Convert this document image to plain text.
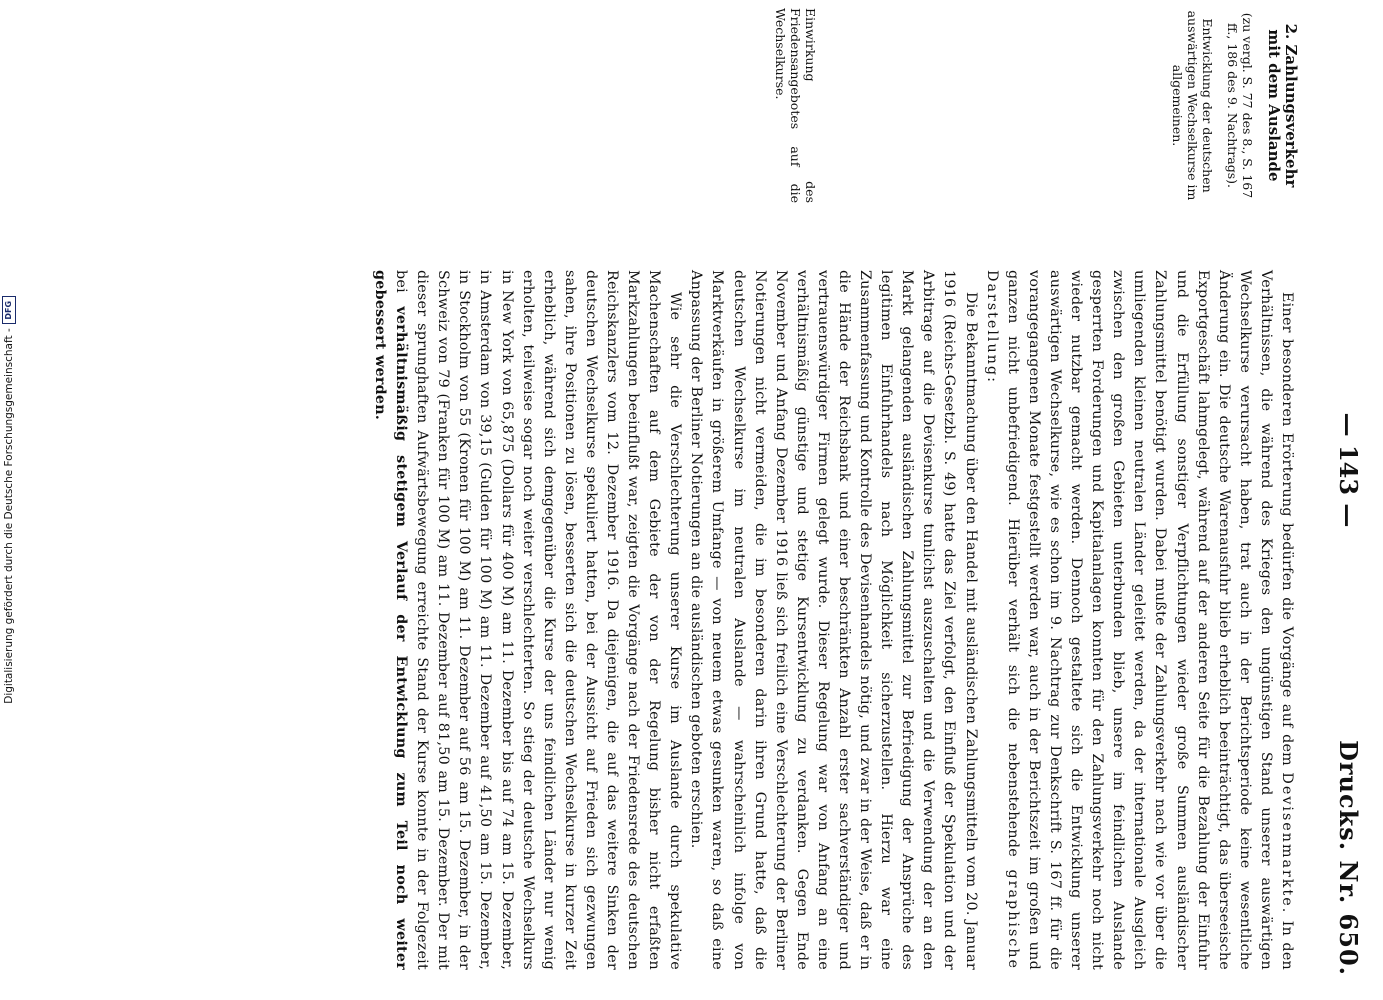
— 143 —
Drucks. Nr. 650.
2. Zahlungsverkehr mit dem Auslande
(zu vergl. S. 77 des 8., S. 167 ff., 186 des 9. Nachtrags).
Entwicklung der deutschen auswärtigen Wechselkurse im allgemeinen.
Einwirkung des Friedensangebotes auf die Wechselkurse.

Einer besonderen Erörterung bedürfen die Vorgänge auf dem Devisenmarkte. In den Verhältnissen, die während des Krieges den ungünstigen Stand unserer auswärtigen Wechselkurse verursacht haben, trat auch in der Berichtsperiode keine wesentliche Änderung ein. Die deutsche Warenausfuhr blieb erheblich beeinträchtigt, das überseeische Exportgeschäft lahmgelegt, während auf der anderen Seite für die Bezahlung der Einfuhr und die Erfüllung sonstiger Verpflichtungen wieder große Summen ausländischer Zahlungsmittel benötigt wurden. Dabei mußte der Zahlungsverkehr nach wie vor über die umliegenden kleinen neutralen Länder geleitet werden, da der internationale Ausgleich zwischen den großen Gebieten unterbunden blieb, unsere im feindlichen Auslande gesperrten Forderungen und Kapitalanlagen konnten für den Zahlungsverkehr noch nicht wieder nutzbar gemacht werden. Dennoch gestaltete sich die Entwicklung unserer auswärtigen Wechselkurse, wie es schon im 9. Nachtrag zur Denkschrift S. 167 ff. für die vorangegangenen Monate festgestellt werden war, auch in der Berichtszeit im großen und ganzen nicht unbefriedigend. Hierüber verhält sich die nebenstehende graphische Darstellung:

Die Bekanntmachung über den Handel mit ausländischen Zahlungsmitteln vom 20. Januar 1916 (Reichs-Gesetzbl. S. 49) hatte das Ziel verfolgt, den Einfluß der Spekulation und der Arbitrage auf die Devisenkurse tunlichst auszuschalten und die Verwendung der an den Markt gelangenden ausländischen Zahlungsmittel zur Befriedigung der Ansprüche des legitimen Einfuhrhandels nach Möglichkeit sicherzustellen. Hierzu war eine Zusammenfassung und Kontrolle des Devisenhandels nötig, und zwar in der Weise, daß er in die Hände der Reichsbank und einer beschränkten Anzahl erster sachverständiger und vertrauenswürdiger Firmen gelegt wurde. Dieser Regelung war von Anfang an eine verhältnismäßig günstige und stetige Kursentwicklung zu verdanken. Gegen Ende November und Anfang Dezember 1916 ließ sich freilich eine Verschlechterung der Berliner Notierungen nicht vermeiden, die im besonderen darin ihren Grund hatte, daß die deutschen Wechselkurse im neutralen Auslande — wahrscheinlich infolge von Marktverkäufen in größerem Umfange — von neuem etwas gesunken waren, so daß eine Anpassung der Berliner Notierungen an die ausländischen geboten erschien.

Wie sehr die Verschlechterung unserer Kurse im Auslande durch spekulative Machenschaften auf dem Gebiete der von der Regelung bisher nicht erfaßten Markzahlungen beeinflußt war, zeigten die Vorgänge nach der Friedensrede des deutschen Reichskanzlers vom 12. Dezember 1916. Da diejenigen, die auf das weitere Sinken der deutschen Wechselkurse spekuliert hatten, bei der Aussicht auf Frieden sich gezwungen sahen, ihre Positionen zu lösen, besserten sich die deutschen Wechselkurse in kurzer Zeit erheblich, während sich demgegenüber die Kurse der uns feindlichen Länder nur wenig erholten, teilweise sogar noch weiter verschlechterten. So stieg der deutsche Wechselkurs in New York von 65,875 (Dollars für 400 M) am 11. Dezember bis auf 74 am 15. Dezember, in Amsterdam von 39,15 (Gulden für 100 M) am 11. Dezember auf 41,50 am 15. Dezember, in Stockholm von 55 (Kronen für 100 M) am 11. Dezember auf 56 am 15. Dezember, in der Schweiz von 79 (Franken für 100 M) am 11. Dezember auf 81,50 am 15. Dezember. Der mit dieser sprunghaften Aufwärtsbewegung erreichte Stand der Kurse konnte in der Folgezeit bei verhältnismäßig stetigem Verlauf der Entwicklung zum Teil noch weiter gebessert werden.

Digitalisierung gefördert durch die Deutsche Forschungsgemeinschaft -
DFG
